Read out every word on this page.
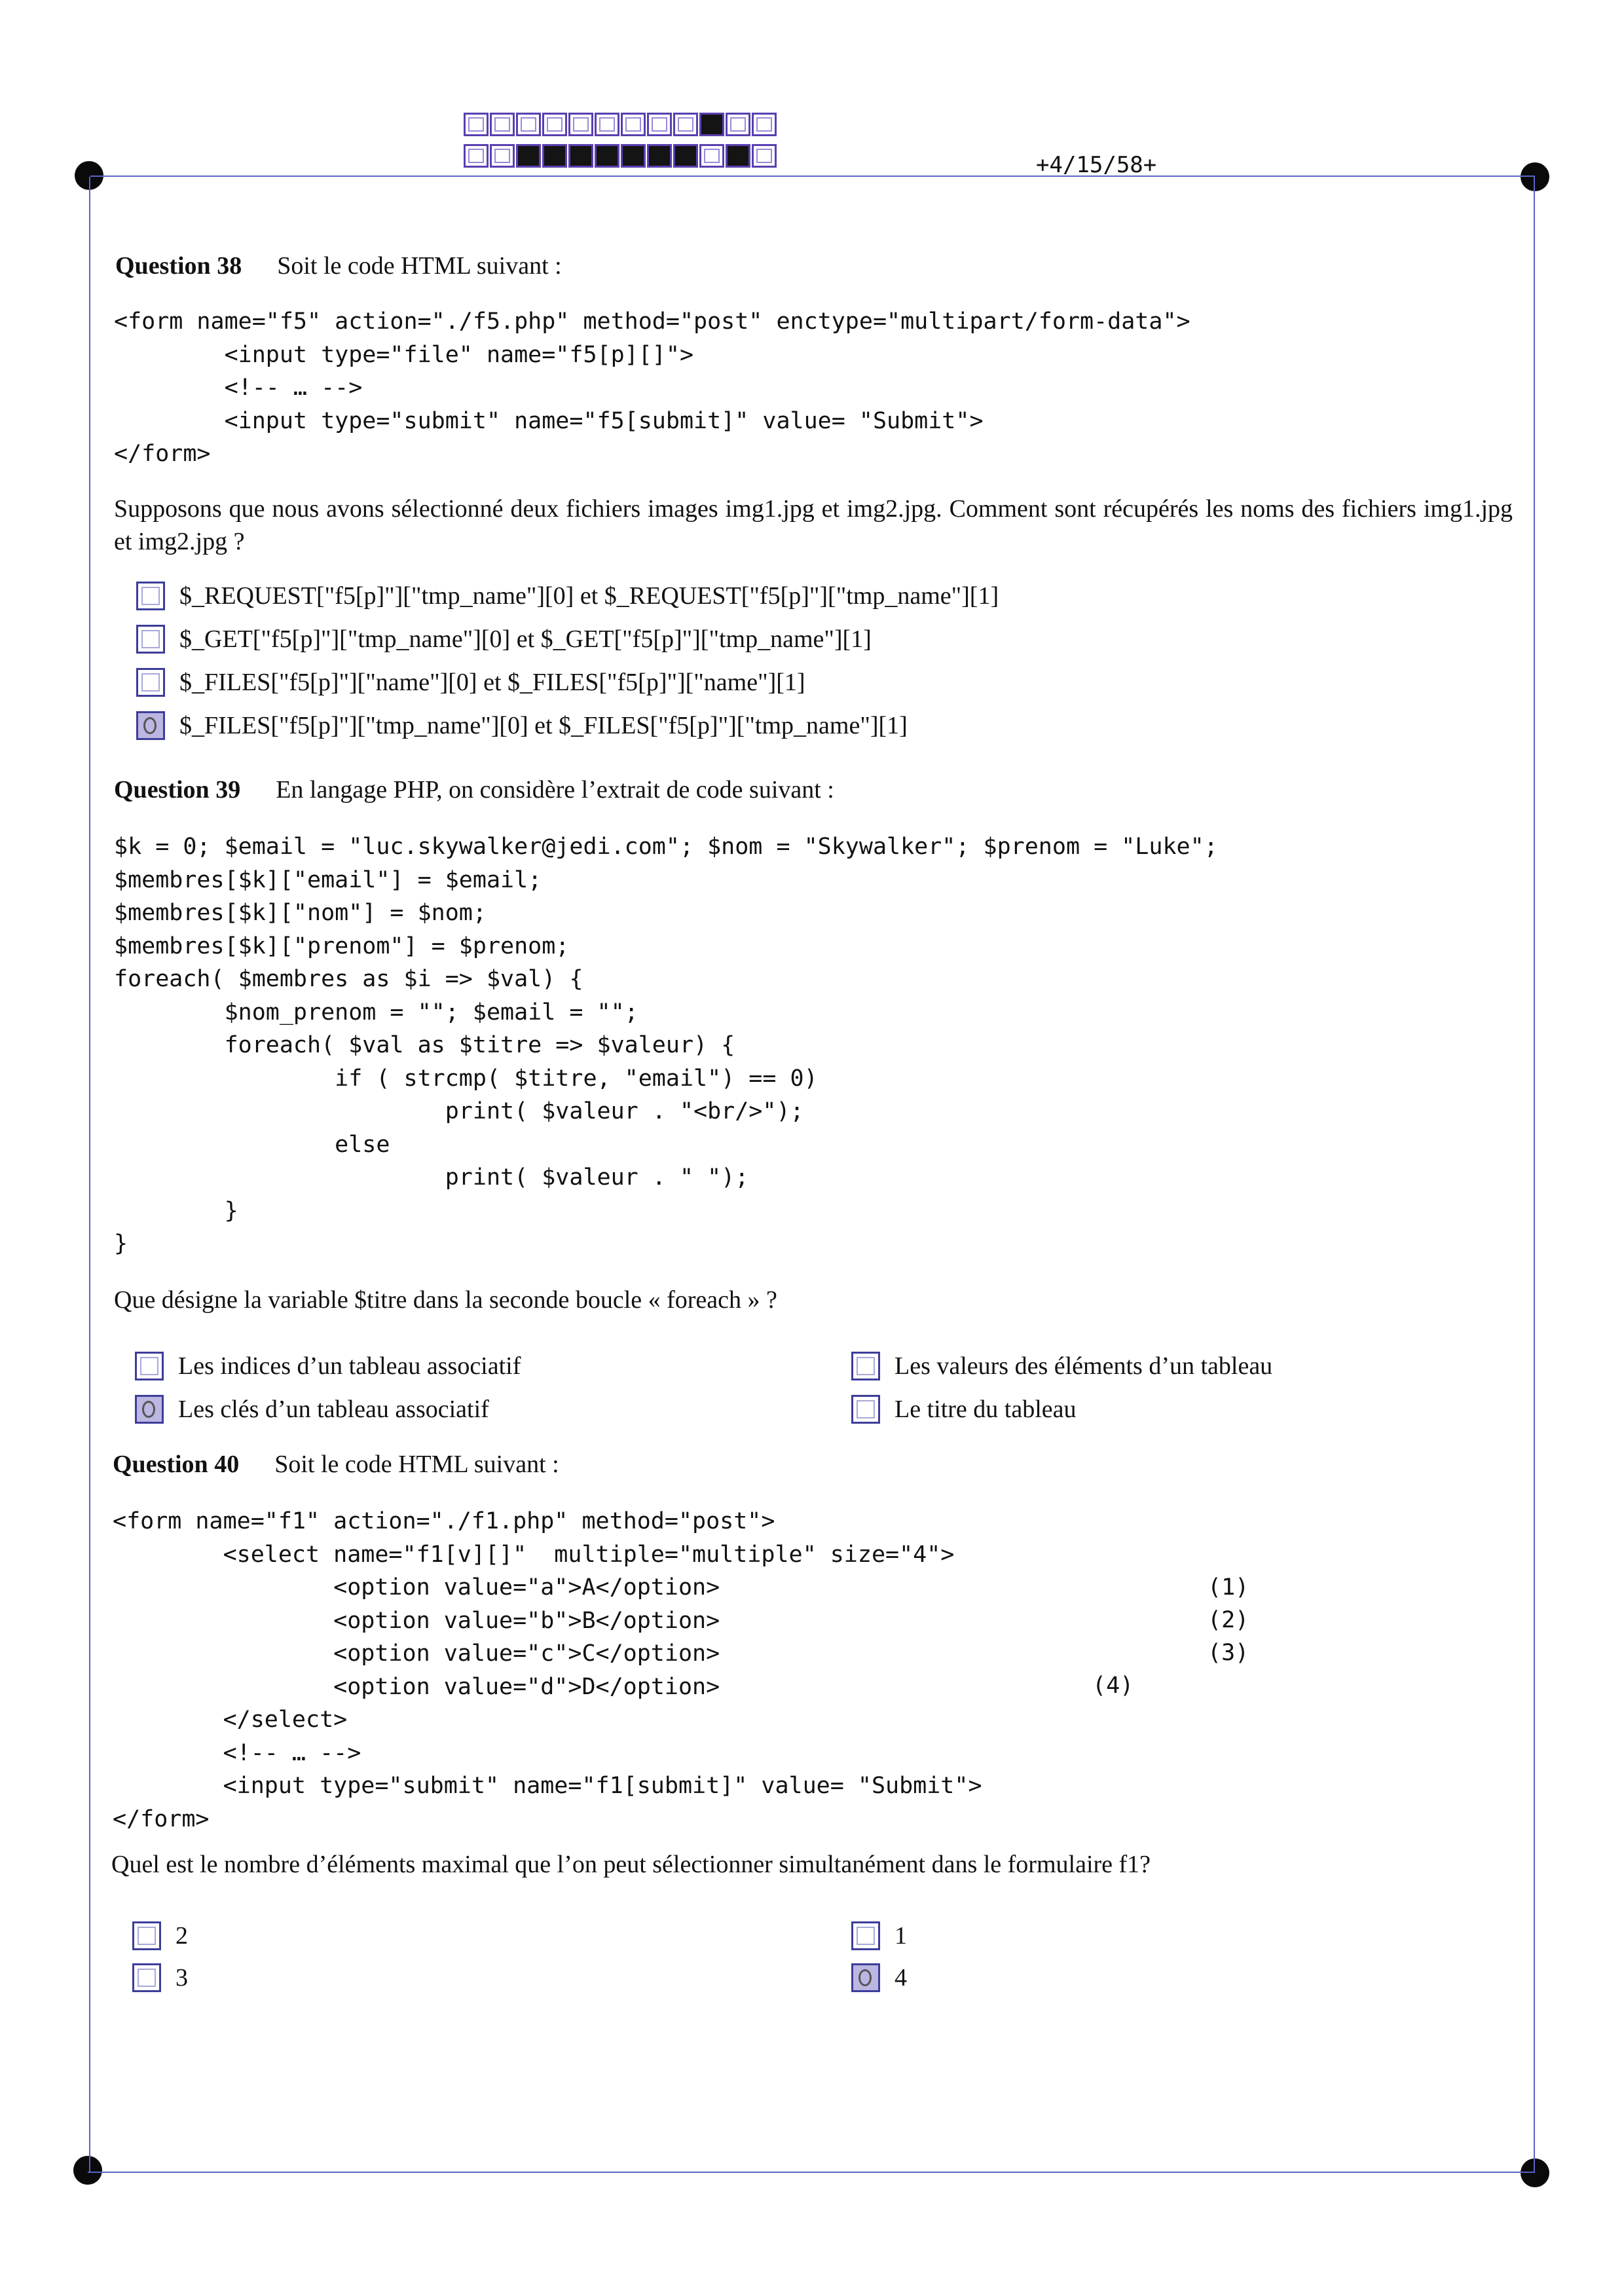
+4/15/58+
Question 38 Soit le code HTML suivant :
<form name="f5" action="./f5.php" method="post" enctype="multipart/form-data">
<input type="file" name="f5[p][]">
<!-- … -->
<input type="submit" name="f5[submit]" value= "Submit">
</form>
Supposons que nous avons sélectionné deux fichiers images img1.jpg et img2.jpg. Comment sont récupérés les noms des fichiers img1.jpg et img2.jpg ?
$_REQUEST["f5[p]"]["tmp_name"][0] et $_REQUEST["f5[p]"]["tmp_name"][1]
$_GET["f5[p]"]["tmp_name"][0] et $_GET["f5[p]"]["tmp_name"][1]
$_FILES["f5[p]"]["name"][0] et $_FILES["f5[p]"]["name"][1]
$_FILES["f5[p]"]["tmp_name"][0] et $_FILES["f5[p]"]["tmp_name"][1]
Question 39 En langage PHP, on considère l’extrait de code suivant :
$k = 0; $email = "luc.skywalker@jedi.com"; $nom = "Skywalker"; $prenom = "Luke";
$membres[$k]["email"] = $email;
$membres[$k]["nom"] = $nom;
$membres[$k]["prenom"] = $prenom;
foreach( $membres as $i => $val) {
$nom_prenom = ""; $email = "";
foreach( $val as $titre => $valeur) {
if ( strcmp( $titre, "email") == 0)
print( $valeur . "<br/>");
else
print( $valeur . " ");
}
}
Que désigne la variable $titre dans la seconde boucle « foreach » ?
Les indices d’un tableau associatif
Les clés d’un tableau associatif
Les valeurs des éléments d’un tableau
Le titre du tableau
Question 40 Soit le code HTML suivant :
<form name="f1" action="./f1.php" method="post">
<select name="f1[v][]"  multiple="multiple" size="4">
<option value="a">A</option>
<option value="b">B</option>
<option value="c">C</option>
<option value="d">D</option>
</select>
<!-- … -->
<input type="submit" name="f1[submit]" value= "Submit">
</form>
(1)
(2)
(3)
(4)
Quel est le nombre d’éléments maximal que l’on peut sélectionner simultanément dans le formulaire f1?
2
3
1
4
